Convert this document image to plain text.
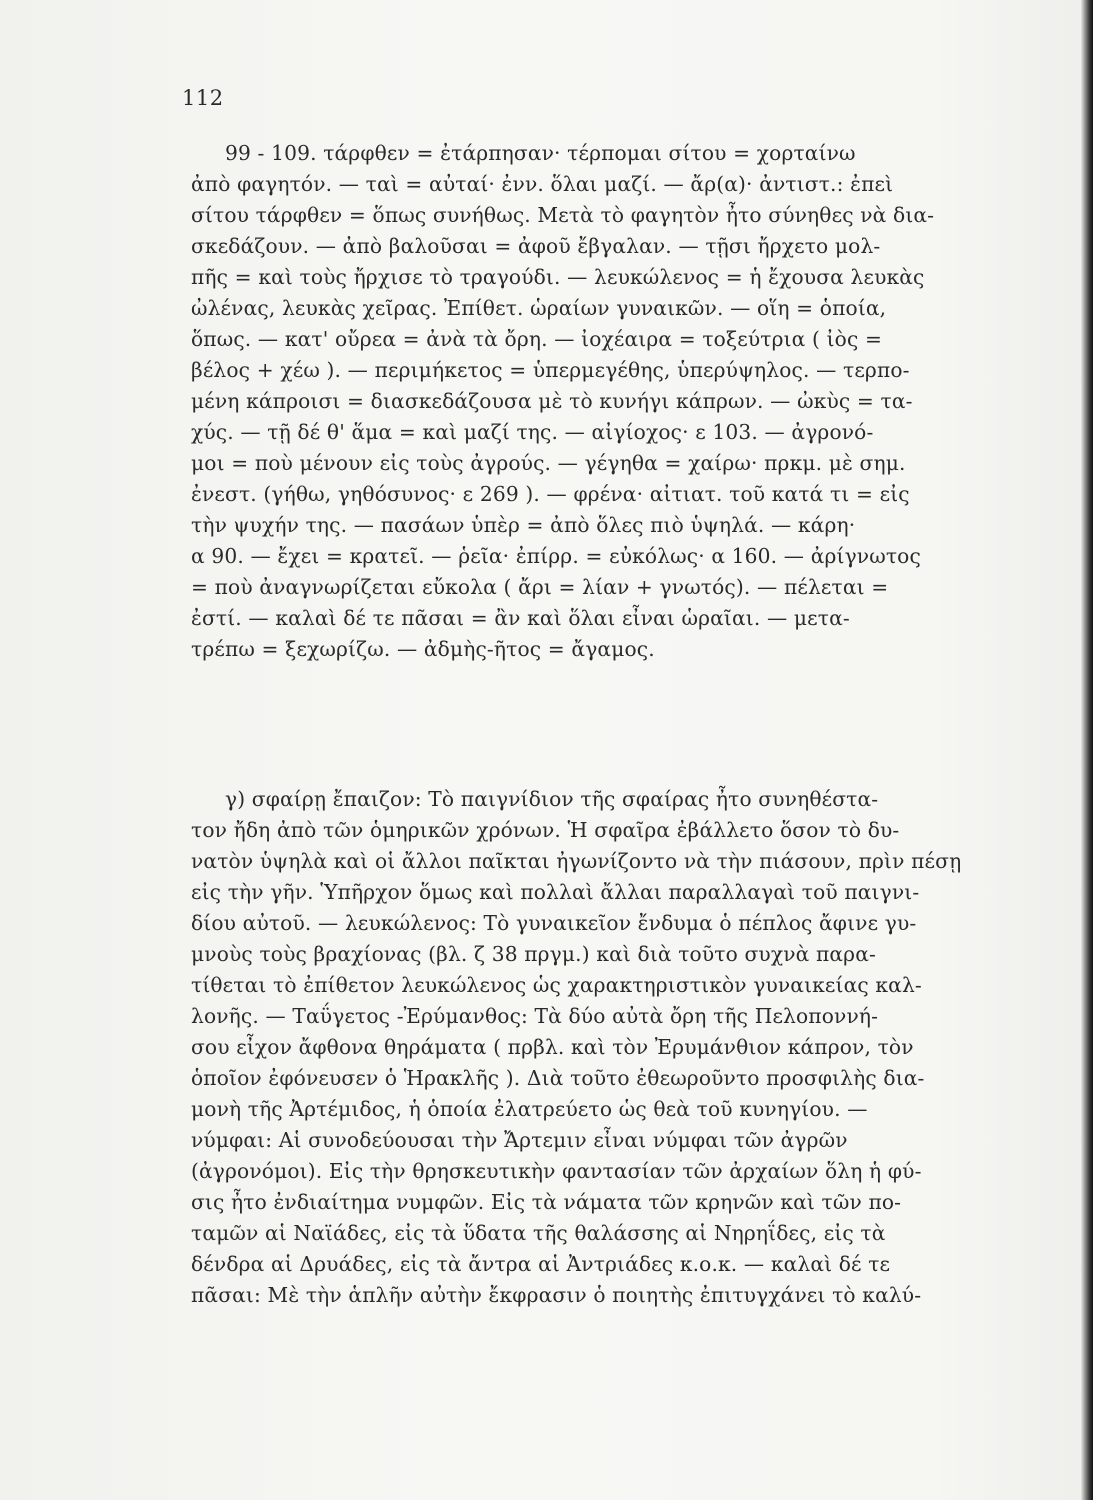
112
99 - 109. τάρφθεν = ἐτάρπησαν· τέρπομαι σίτου = χορταίνω
ἀπὸ φαγητόν. — ταὶ = αὐταί· ἐνν. ὅλαι μαζί. — ἄρ(α)· ἀντιστ.: ἐπεὶ
σίτου τάρφθεν = ὅπως συνήθως. Μετὰ τὸ φαγητὸν ἦτο σύνηθες νὰ δια-
σκεδάζουν. — ἀπὸ βαλοῦσαι = ἀφοῦ ἔβγαλαν. — τῇσι ἤρχετο μολ-
πῆς = καὶ τοὺς ἤρχισε τὸ τραγούδι. — λευκώλενος = ἡ ἔχουσα λευκὰς
ὠλένας, λευκὰς χεῖρας. Ἐπίθετ. ὡραίων γυναικῶν. — οἵη = ὁποία,
ὅπως. — κατ' οὔρεα = ἀνὰ τὰ ὄρη. — ἰοχέαιρα = τοξεύτρια ( ἰὸς =
βέλος + χέω ). — περιμήκετος = ὑπερμεγέθης, ὑπερύψηλος. — τερπο-
μένη κάπροισι = διασκεδάζουσα μὲ τὸ κυνήγι κάπρων. — ὠκὺς = τα-
χύς. — τῇ δέ θ' ἅμα = καὶ μαζί της. — αἰγίοχος· ε 103. — ἀγρονό-
μοι = ποὺ μένουν εἰς τοὺς ἀγρούς. — γέγηθα = χαίρω· πρκμ. μὲ σημ.
ἐνεστ. (γήθω, γηθόσυνος· ε 269 ). — φρένα· αἰτιατ. τοῦ κατά τι = εἰς
τὴν ψυχήν της. — πασάων ὑπὲρ = ἀπὸ ὅλες πιὸ ὑψηλά. — κάρη·
α 90. — ἔχει = κρατεῖ. — ῥεῖα· ἐπίρρ. = εὐκόλως· α 160. — ἀρίγνωτος
= ποὺ ἀναγνωρίζεται εὔκολα ( ἄρι = λίαν + γνωτός). — πέλεται =
ἐστί. — καλαὶ δέ τε πᾶσαι = ἂν καὶ ὅλαι εἶναι ὡραῖαι. — μετα-
τρέπω = ξεχωρίζω. — ἀδμὴς-ῆτος = ἄγαμος.
γ) σφαίρῃ ἔπαιζον: Τὸ παιγνίδιον τῆς σφαίρας ἦτο συνηθέστα-
τον ἤδη ἀπὸ τῶν ὁμηρικῶν χρόνων. Ἡ σφαῖρα ἐβάλλετο ὅσον τὸ δυ-
νατὸν ὑψηλὰ καὶ οἱ ἄλλοι παῖκται ἠγωνίζοντο νὰ τὴν πιάσουν, πρὶν πέσῃ
εἰς τὴν γῆν. Ὑπῆρχον ὅμως καὶ πολλαὶ ἄλλαι παραλλαγαὶ τοῦ παιγνι-
δίου αὐτοῦ. — λευκώλενος: Τὸ γυναικεῖον ἔνδυμα ὁ πέπλος ἄφινε γυ-
μνοὺς τοὺς βραχίονας (βλ. ζ 38 πργμ.) καὶ διὰ τοῦτο συχνὰ παρα-
τίθεται τὸ ἐπίθετον λευκώλενος ὡς χαρακτηριστικὸν γυναικείας καλ-
λονῆς. — Ταΰγετος -Ἐρύμανθος: Τὰ δύο αὐτὰ ὄρη τῆς Πελοποννή-
σου εἶχον ἄφθονα θηράματα ( πρβλ. καὶ τὸν Ἐρυμάνθιον κάπρον, τὸν
ὁποῖον ἐφόνευσεν ὁ Ἡρακλῆς ). Διὰ τοῦτο ἐθεωροῦντο προσφιλὴς δια-
μονὴ τῆς Ἀρτέμιδος, ἡ ὁποία ἐλατρεύετο ὡς θεὰ τοῦ κυνηγίου. —
νύμφαι: Αἱ συνοδεύουσαι τὴν Ἄρτεμιν εἶναι νύμφαι τῶν ἀγρῶν
(ἀγρονόμοι). Εἰς τὴν θρησκευτικὴν φαντασίαν τῶν ἀρχαίων ὅλη ἡ φύ-
σις ἦτο ἐνδιαίτημα νυμφῶν. Εἰς τὰ νάματα τῶν κρηνῶν καὶ τῶν πο-
ταμῶν αἱ Ναϊάδες, εἰς τὰ ὕδατα τῆς θαλάσσης αἱ Νηρηΐδες, εἰς τὰ
δένδρα αἱ Δρυάδες, εἰς τὰ ἄντρα αἱ Ἀντριάδες κ.ο.κ. — καλαὶ δέ τε
πᾶσαι: Μὲ τὴν ἁπλῆν αὐτὴν ἔκφρασιν ὁ ποιητὴς ἐπιτυγχάνει τὸ καλύ-
